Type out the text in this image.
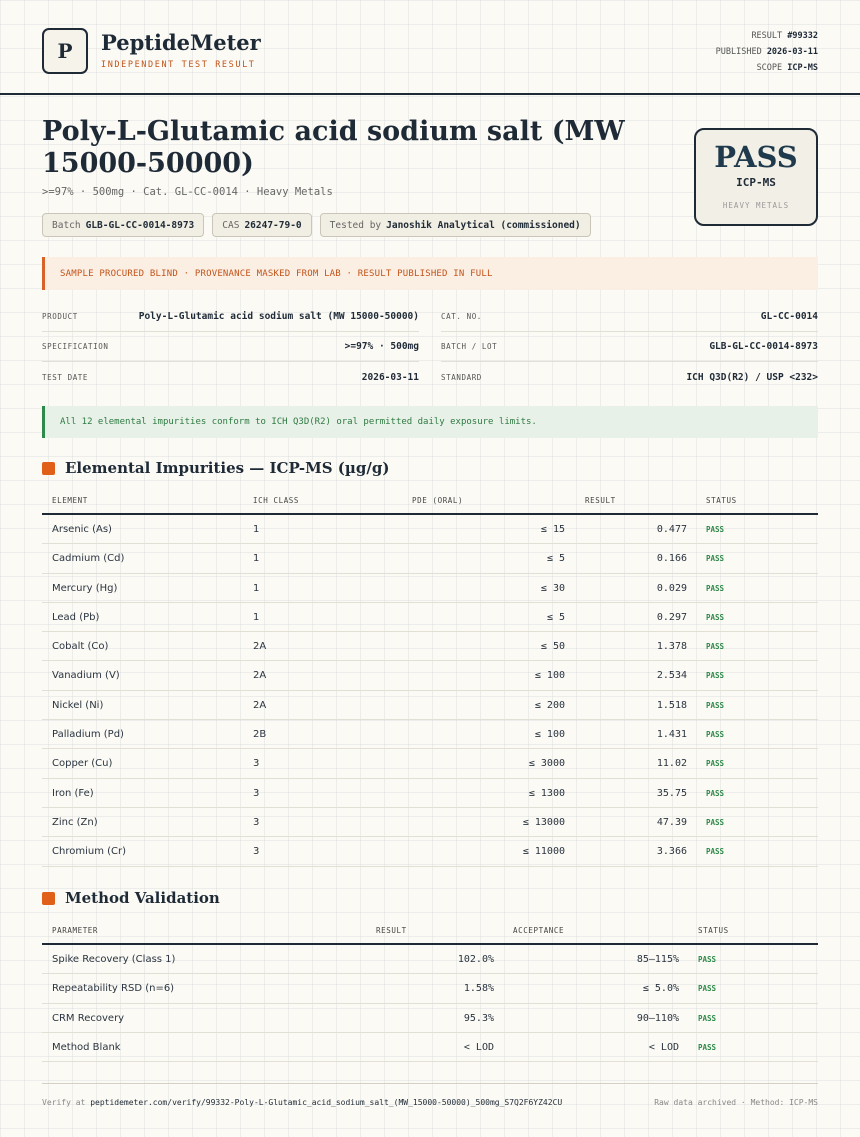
P	PeptideMeter
INDEPENDENT TEST RESULT
RESULT #99332
PUBLISHED 2026-03-11
SCOPE ICP-MS
Poly-L-Glutamic acid sodium salt (MW 15000-50000)
>=97% · 500mg · Cat. GL-CC-0014 · Heavy Metals
Batch GLB-GL-CC-0014-8973	CAS 26247-79-0	Tested by Janoshik Analytical (commissioned)
PASS
ICP-MS
HEAVY METALS
SAMPLE PROCURED BLIND · PROVENANCE MASKED FROM LAB · RESULT PUBLISHED IN FULL
PRODUCT	Poly-L-Glutamic acid sodium salt (MW 15000-50000)
SPECIFICATION	>=97% · 500mg
TEST DATE	2026-03-11
CAT. NO.	GL-CC-0014
BATCH / LOT	GLB-GL-CC-0014-8973
STANDARD	ICH Q3D(R2) / USP <232>
All 12 elemental impurities conform to ICH Q3D(R2) oral permitted daily exposure limits.
Elemental Impurities — ICP-MS (µg/g)
ELEMENT	ICH CLASS	PDE (ORAL)	RESULT	STATUS
Arsenic (As)	1	≤ 15	0.477	PASS
Cadmium (Cd)	1	≤ 5	0.166	PASS
Mercury (Hg)	1	≤ 30	0.029	PASS
Lead (Pb)	1	≤ 5	0.297	PASS
Cobalt (Co)	2A	≤ 50	1.378	PASS
Vanadium (V)	2A	≤ 100	2.534	PASS
Nickel (Ni)	2A	≤ 200	1.518	PASS
Palladium (Pd)	2B	≤ 100	1.431	PASS
Copper (Cu)	3	≤ 3000	11.02	PASS
Iron (Fe)	3	≤ 1300	35.75	PASS
Zinc (Zn)	3	≤ 13000	47.39	PASS
Chromium (Cr)	3	≤ 11000	3.366	PASS
Method Validation
PARAMETER	RESULT	ACCEPTANCE	STATUS
Spike Recovery (Class 1)	102.0%	85–115%	PASS
Repeatability RSD (n=6)	1.58%	≤ 5.0%	PASS
CRM Recovery	95.3%	90–110%	PASS
Method Blank	< LOD	< LOD	PASS
Verify at peptidemeter.com/verify/99332-Poly-L-Glutamic_acid_sodium_salt_(MW_15000-50000)_500mg_S7Q2F6YZ42CU	Raw data archived · Method: ICP-MS
